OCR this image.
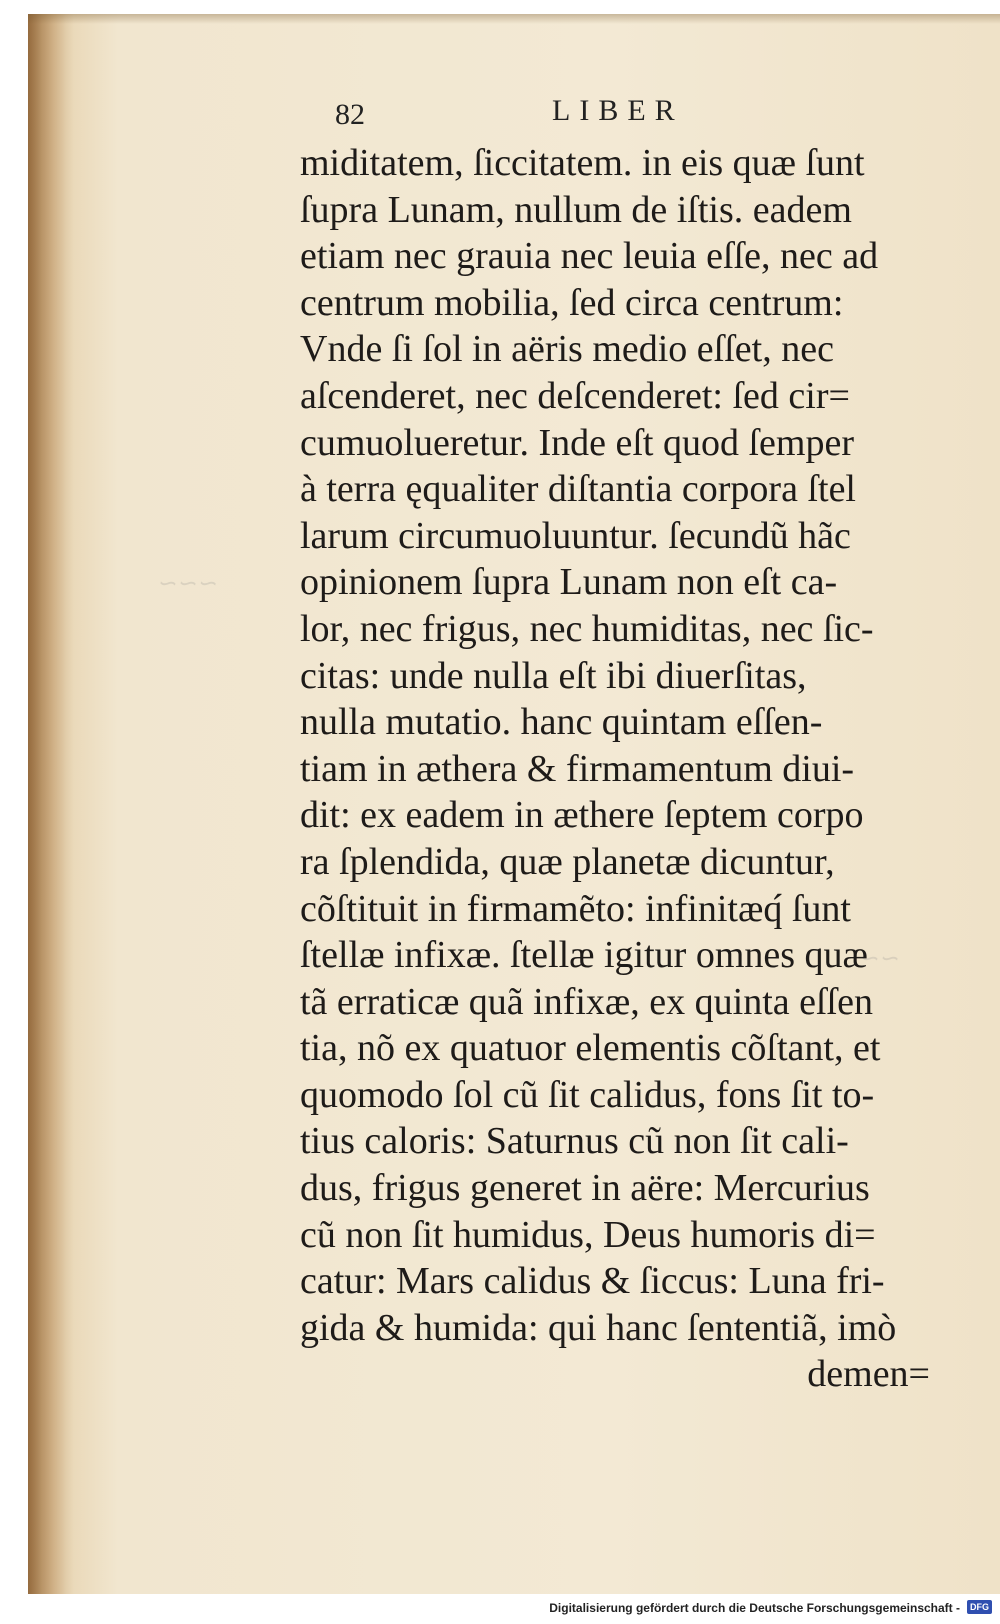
∽∽∽
∽∽
82	LIBER
miditatem, ſiccitatem. in eis quæ ſunt
ſupra Lunam, nullum de iſtis. eadem
etiam nec grauia nec leuia eſſe, nec ad
centrum mobilia, ſed circa centrum:
Vnde ſi ſol in aëris medio eſſet, nec
aſcenderet, nec deſcenderet: ſed cir=
cumuolueretur. Inde eſt quod ſemper
à terra ęqualiter diſtantia corpora ſtel
larum circumuoluuntur. ſecundũ hãc
opinionem ſupra Lunam non eſt ca-
lor, nec frigus, nec humiditas, nec ſic-
citas: unde nulla eſt ibi diuerſitas,
nulla mutatio. hanc quintam eſſen-
tiam in æthera & firmamentum diui-
dit: ex eadem in æthere ſeptem corpo
ra ſplendida, quæ planetæ dicuntur,
cõſtituit in firmamẽto: infinitæq́ ſunt
ſtellæ infixæ. ſtellæ igitur omnes quæ
tã erraticæ quã infixæ, ex quinta eſſen
tia, nõ ex quatuor elementis cõſtant, et
quomodo ſol cũ ſit calidus, fons ſit to-
tius caloris: Saturnus cũ non ſit cali-
dus, frigus generet in aëre: Mercurius
cũ non ſit humidus, Deus humoris di=
catur: Mars calidus & ſiccus: Luna fri-
gida & humida: qui hanc ſententiã, imò
demen=
Digitalisierung gefördert durch die Deutsche Forschungsgemeinschaft -	DFG
